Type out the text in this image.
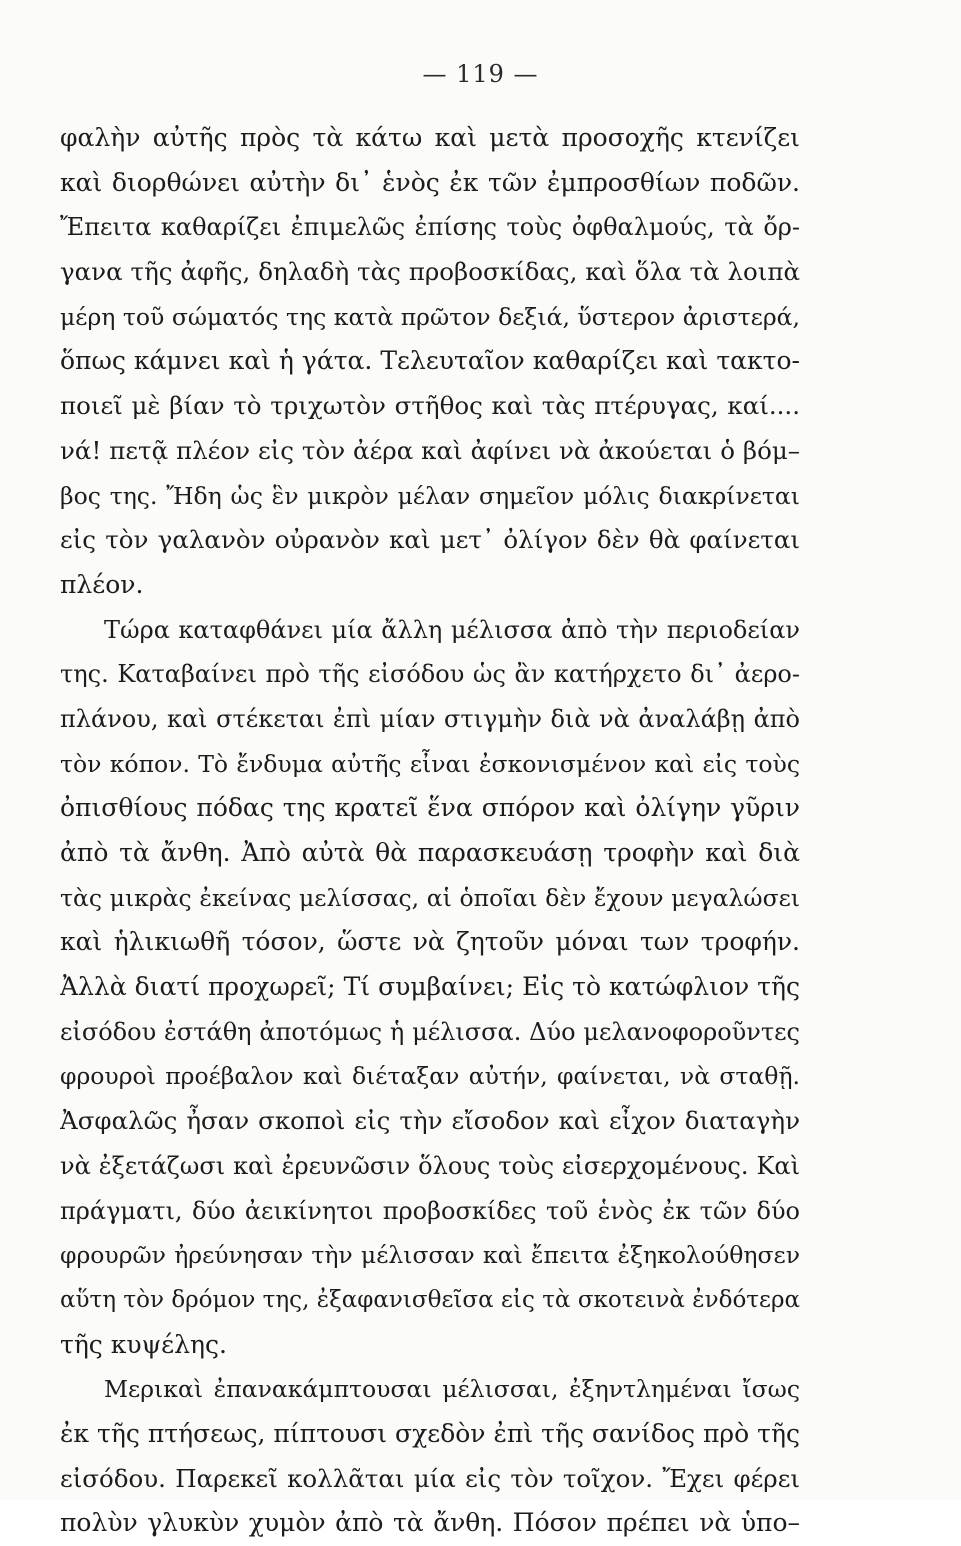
— 119 —
φαλὴν αὐτῆς πρὸς τὰ κάτω καὶ μετὰ προσοχῆς κτενίζει
καὶ διορθώνει αὐτὴν δι᾽ ἑνὸς ἐκ τῶν ἐμπροσθίων ποδῶν.
Ἔπειτα καθαρίζει ἐπιμελῶς ἐπίσης τοὺς ὀφθαλμούς, τὰ ὄρ-
γανα τῆς ἀφῆς, δηλαδὴ τὰς προβοσκίδας, καὶ ὅλα τὰ λοιπὰ
μέρη τοῦ σώματός της κατὰ πρῶτον δεξιά, ὕστερον ἀριστερά,
ὅπως κάμνει καὶ ἡ γάτα. Τελευταῖον καθαρίζει καὶ τακτο-
ποιεῖ μὲ βίαν τὸ τριχωτὸν στῆθος καὶ τὰς πτέρυγας, καί....
νά! πετᾷ πλέον εἰς τὸν ἀέρα καὶ ἀφίνει νὰ ἀκούεται ὁ βόμ–
βος της. Ἤδη ὡς ἓν μικρὸν μέλαν σημεῖον μόλις διακρίνεται
εἰς τὸν γαλανὸν οὐρανὸν καὶ μετ᾽ ὀλίγον δὲν θὰ φαίνεται
πλέον.
Τώρα καταφθάνει μία ἄλλη μέλισσα ἀπὸ τὴν περιοδείαν
της. Καταβαίνει πρὸ τῆς εἰσόδου ὡς ἂν κατήρχετο δι᾽ ἀερο-
πλάνου, καὶ στέκεται ἐπὶ μίαν στιγμὴν διὰ νὰ ἀναλάβῃ ἀπὸ
τὸν κόπον. Τὸ ἔνδυμα αὐτῆς εἶναι ἐσκονισμένον καὶ εἰς τοὺς
ὀπισθίους πόδας της κρατεῖ ἕνα σπόρον καὶ ὀλίγην γῦριν
ἀπὸ τὰ ἄνθη. Ἀπὸ αὐτὰ θὰ παρασκευάσῃ τροφὴν καὶ διὰ
τὰς μικρὰς ἐκείνας μελίσσας, αἱ ὁποῖαι δὲν ἔχουν μεγαλώσει
καὶ ἡλικιωθῆ τόσον, ὥστε νὰ ζητοῦν μόναι των τροφήν.
Ἀλλὰ διατί προχωρεῖ; Τί συμβαίνει; Εἰς τὸ κατώφλιον τῆς
εἰσόδου ἐστάθη ἀποτόμως ἡ μέλισσα. Δύο μελανοφοροῦντες
φρουροὶ προέβαλον καὶ διέταξαν αὐτήν, φαίνεται, νὰ σταθῇ.
Ἀσφαλῶς ἦσαν σκοποὶ εἰς τὴν εἴσοδον καὶ εἶχον διαταγὴν
νὰ ἐξετάζωσι καὶ ἐρευνῶσιν ὅλους τοὺς εἰσερχομένους. Καὶ
πράγματι, δύο ἀεικίνητοι προβοσκίδες τοῦ ἑνὸς ἐκ τῶν δύο
φρουρῶν ἠρεύνησαν τὴν μέλισσαν καὶ ἔπειτα ἐξηκολούθησεν
αὕτη τὸν δρόμον της, ἐξαφανισθεῖσα εἰς τὰ σκοτεινὰ ἐνδότερα
τῆς κυψέλης.
Μερικαὶ ἐπανακάμπτουσαι μέλισσαι, ἐξηντλημέναι ἴσως
ἐκ τῆς πτήσεως, πίπτουσι σχεδὸν ἐπὶ τῆς σανίδος πρὸ τῆς
εἰσόδου. Παρεκεῖ κολλᾶται μία εἰς τὸν τοῖχον. Ἔχει φέρει
πολὺν γλυκὺν χυμὸν ἀπὸ τὰ ἄνθη. Πόσον πρέπει νὰ ὑπο–
